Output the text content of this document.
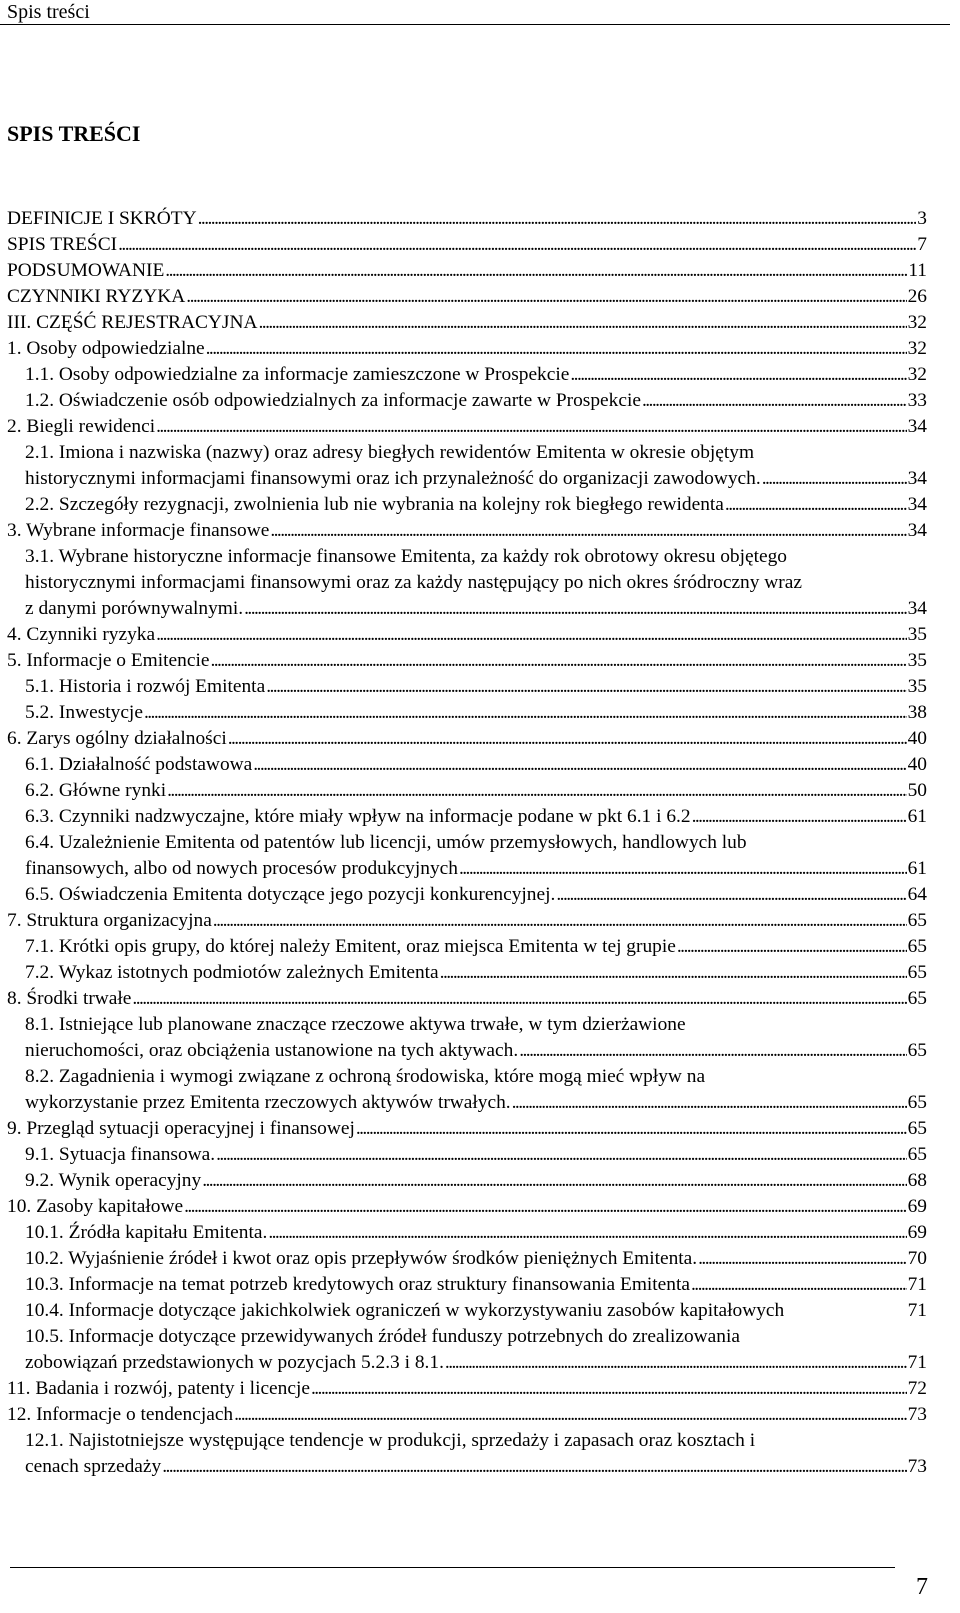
Spis treści
SPIS TREŚCI
DEFINICJE I SKRÓTY . . .	3
SPIS TREŚCI . . .	7
PODSUMOWANIE . . .	11
CZYNNIKI RYZYKA . . .	26
III. CZĘŚĆ REJESTRACYJNA . . .	32
1. Osoby odpowiedzialne . . .	32
1.1. Osoby odpowiedzialne za informacje zamieszczone w Prospekcie . . .	32
1.2. Oświadczenie osób odpowiedzialnych za informacje zawarte w Prospekcie . . .	33
2. Biegli rewidenci . . .	34
2.1. Imiona i nazwiska (nazwy) oraz adresy biegłych rewidentów Emitenta w okresie objętym
historycznymi informacjami finansowymi oraz ich przynależność do organizacji zawodowych. . . .	34
2.2. Szczegóły rezygnacji, zwolnienia lub nie wybrania na kolejny rok biegłego rewidenta . . .	34
3. Wybrane informacje finansowe . . .	34
3.1. Wybrane historyczne informacje finansowe Emitenta, za każdy rok obrotowy okresu objętego
historycznymi informacjami finansowymi oraz za każdy następujący po nich okres śródroczny wraz
z danymi porównywalnymi. . . .	34
4. Czynniki ryzyka . . .	35
5. Informacje o Emitencie . . .	35
5.1. Historia i rozwój Emitenta . . .	35
5.2. Inwestycje . . .	38
6. Zarys ogólny działalności . . .	40
6.1. Działalność podstawowa . . .	40
6.2. Główne rynki . . .	50
6.3. Czynniki nadzwyczajne, które miały wpływ na informacje podane w pkt 6.1 i 6.2 . . .	61
6.4. Uzależnienie Emitenta od patentów lub licencji, umów przemysłowych, handlowych lub
finansowych, albo od nowych procesów produkcyjnych . . .	61
6.5. Oświadczenia Emitenta dotyczące jego pozycji konkurencyjnej. . . .	64
7. Struktura organizacyjna . . .	65
7.1. Krótki opis grupy, do której należy Emitent, oraz miejsca Emitenta w tej grupie . . .	65
7.2. Wykaz istotnych podmiotów zależnych Emitenta . . .	65
8. Środki trwałe . . .	65
8.1. Istniejące lub planowane znaczące rzeczowe aktywa trwałe, w tym dzierżawione
nieruchomości, oraz obciążenia ustanowione na tych aktywach. . . .	65
8.2. Zagadnienia i wymogi związane z ochroną środowiska, które mogą mieć wpływ na
wykorzystanie przez Emitenta rzeczowych aktywów trwałych. . . .	65
9. Przegląd sytuacji operacyjnej i finansowej . . .	65
9.1. Sytuacja finansowa. . . .	65
9.2. Wynik operacyjny . . .	68
10. Zasoby kapitałowe . . .	69
10.1. Źródła kapitału Emitenta. . . .	69
10.2. Wyjaśnienie źródeł i kwot oraz opis przepływów środków pieniężnych Emitenta. . . .	70
10.3. Informacje na temat potrzeb kredytowych oraz struktury finansowania Emitenta . . .	71
10.4. Informacje dotyczące jakichkolwiek ograniczeń w wykorzystywaniu zasobów kapitałowych	71
10.5. Informacje dotyczące przewidywanych źródeł funduszy potrzebnych do zrealizowania
zobowiązań przedstawionych w pozycjach 5.2.3 i 8.1. . . .	71
11. Badania i rozwój, patenty i licencje . . .	72
12. Informacje o tendencjach . . .	73
12.1. Najistotniejsze występujące tendencje w produkcji, sprzedaży i zapasach oraz kosztach i
cenach sprzedaży . . .	73
7
